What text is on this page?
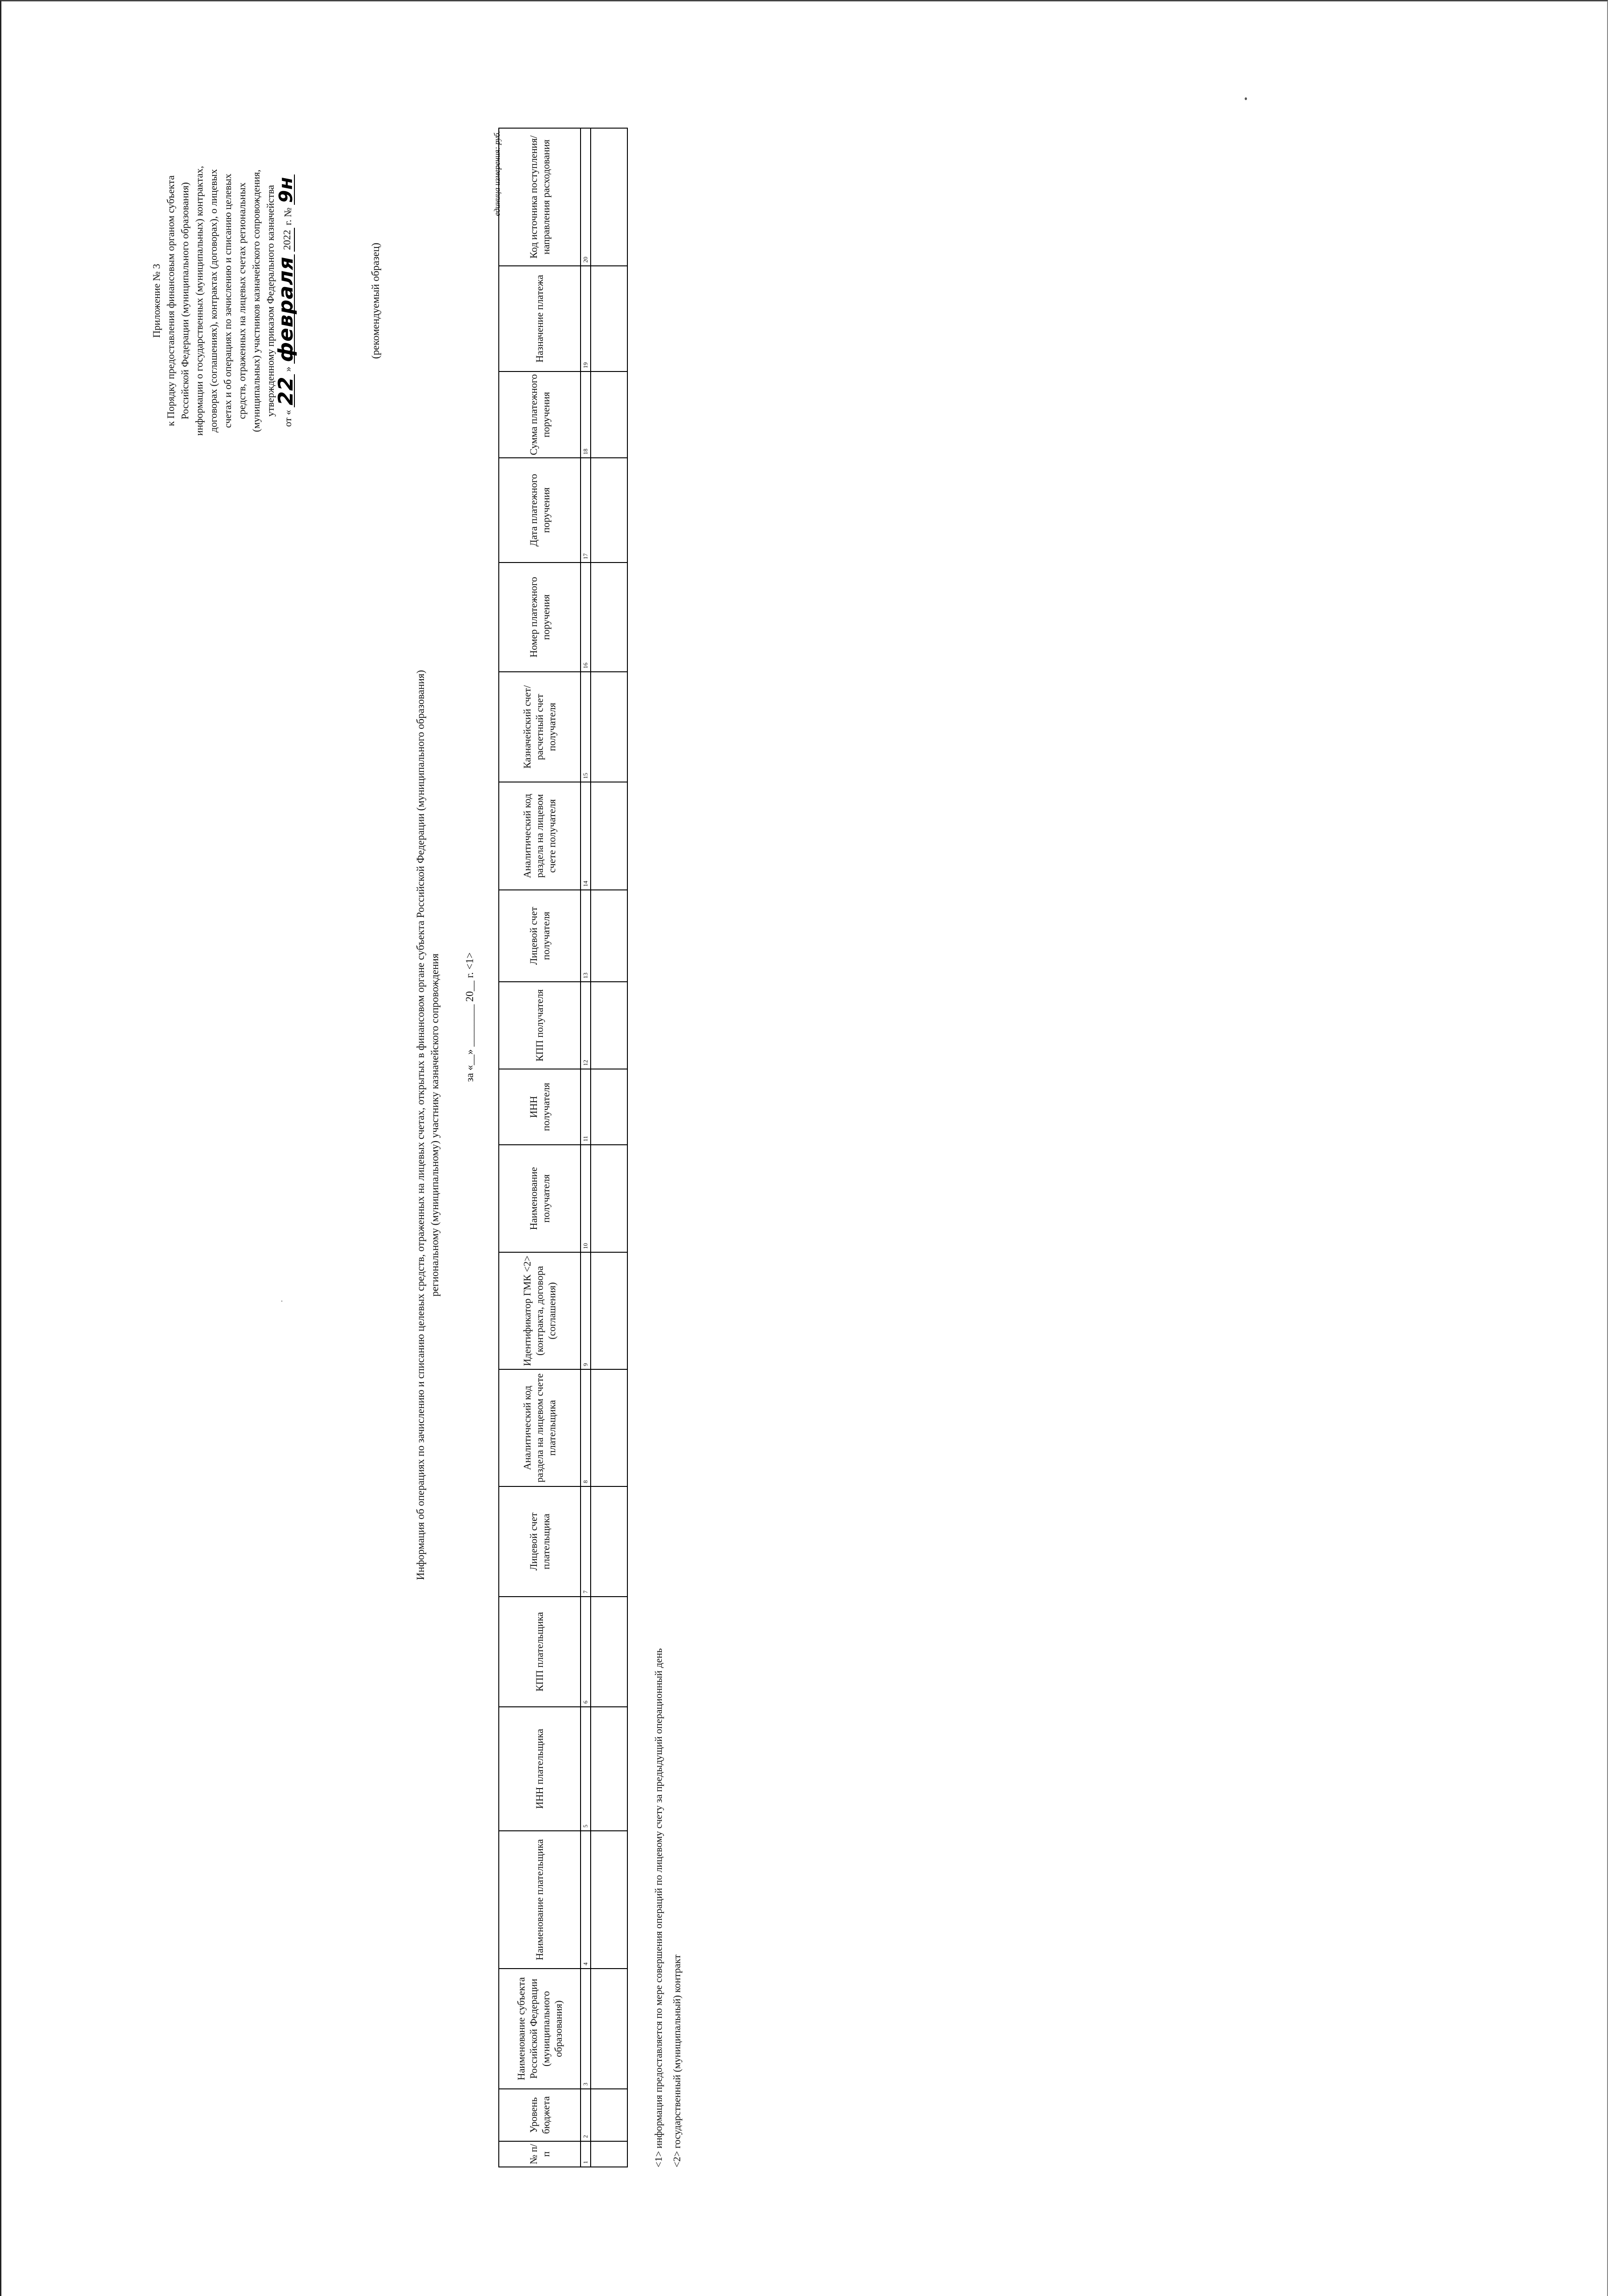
Приложение № 3 к Порядку предоставления финансовым органом субъекта Российской Федерации (муниципального образования) информации о государственных (муниципальных) контрактах, договорах (соглашениях), контрактах (договорах), о лицевых счетах и об операциях по зачислению и списанию целевых средств, отраженных на лицевых счетах региональных (муниципальных) участников казначейского сопровождения, утвержденному приказом Федерального казначейства
от «
22
»
февраля
2022
г. №
9н
(рекомендуемый образец)
Информация об операциях по зачислению и списанию целевых средств, отраженных на лицевых счетах, открытых в финансовом органе субъекта Российской Федерации (муниципального образования) региональному (муниципальному) участнику казначейского сопровождения за «__» ________ 20__ г. <1>
единица измерения: руб.
№ п/п	Уровень бюджета	Наименование субъекта Российской Федерации (муниципального образования)	Наименование плательщика	ИНН плательщика	КПП плательщика	Лицевой счет плательщика	Аналитический код раздела на лицевом счете плательщика	Идентификатор ГМК <2> (контракта, договора (соглашения)	Наименование получателя	ИНН получателя	КПП получателя	Лицевой счет получателя	Аналитический код раздела на лицевом счете получателя	Казначейский счет/расчетный счет получателя	Номер платежного поручения	Дата платежного поручения	Сумма платежного поручения	Назначение платежа	Код источника поступления/ направления расходования
1	2	3	4	5	6	7	8	9	10	11	12	13	14	15	16	17	18	19	20

<1> информация предоставляется по мере совершения операций по лицевому счету за предыдущий операционный день <2> государственный (муниципальный) контракт
